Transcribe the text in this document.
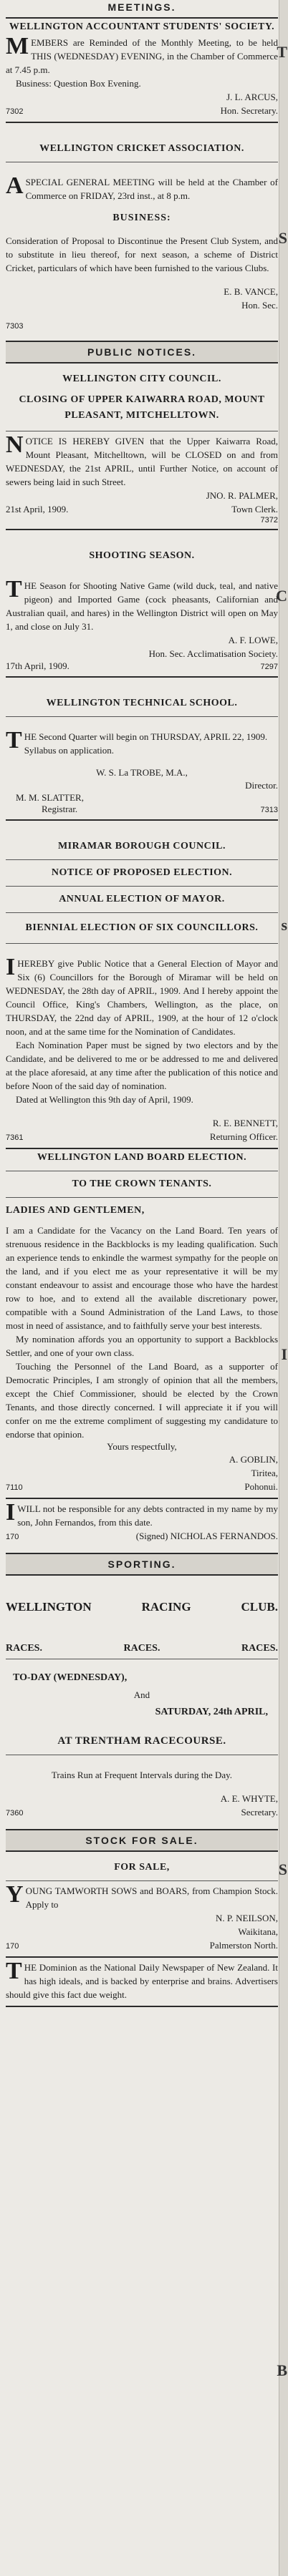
T
S
C
s
I
S
B
MEETINGS.
WELLINGTON ACCOUNTANT STUDENTS' SOCIETY.

MEMBERS are Reminded of the Monthly Meeting, to be held THIS (WEDNESDAY) EVENING, in the Chamber of Commerce at 7.45 p.m.

Business: Question Box Evening.

J. L. ARCUS,
7302	Hon. Secretary.
WELLINGTON CRICKET ASSOCIATION.

ASPECIAL GENERAL MEETING will be held at the Chamber of Commerce on FRIDAY, 23rd inst., at 8 p.m.

BUSINESS:

Consideration of Proposal to Discontinue the Present Club System, and to substitute in lieu thereof, for next season, a scheme of District Cricket, particulars of which have been furnished to the various Clubs.

E. B. VANCE,
Hon. Sec.
7303
PUBLIC NOTICES.
WELLINGTON CITY COUNCIL.
CLOSING OF UPPER KAIWARRA ROAD, MOUNT PLEASANT, MITCHELLTOWN.

NOTICE IS HEREBY GIVEN that the Upper Kaiwarra Road, Mount Pleasant, Mitchelltown, will be CLOSED on and from WEDNESDAY, the 21st APRIL, until Further Notice, on account of sewers being laid in such Street.

JNO. R. PALMER,
21st April, 1909.	Town Clerk.
7372
SHOOTING SEASON.

THE Season for Shooting Native Game (wild duck, teal, and native pigeon) and Imported Game (cock pheasants, Californian and Australian quail, and hares) in the Wellington District will open on May 1, and close on July 31.

A. F. LOWE,
Hon. Sec. Acclimatisation Society.
17th April, 1909.	7297
WELLINGTON TECHNICAL SCHOOL.

THE Second Quarter will begin on THURSDAY, APRIL 22, 1909.

Syllabus on application.

W. S. La TROBE, M.A.,
Director.
M. M. SLATTER,
Registrar.	7313
MIRAMAR BOROUGH COUNCIL.
NOTICE OF PROPOSED ELECTION.
ANNUAL ELECTION OF MAYOR.
BIENNIAL ELECTION OF SIX COUNCILLORS.

IHEREBY give Public Notice that a General Election of Mayor and Six (6) Councillors for the Borough of Miramar will be held on WEDNESDAY, the 28th day of APRIL, 1909. And I hereby appoint the Council Office, King's Chambers, Wellington, as the place, on THURSDAY, the 22nd day of APRIL, 1909, at the hour of 12 o'clock noon, and at the same time for the Nomination of Candidates.

Each Nomination Paper must be signed by two electors and by the Candidate, and be delivered to me or be addressed to me and delivered at the place aforesaid, at any time after the publication of this notice and before Noon of the said day of nomination.

Dated at Wellington this 9th day of April, 1909.

R. E. BENNETT,
7361	Returning Officer.
WELLINGTON LAND BOARD ELECTION.
TO THE CROWN TENANTS.
LADIES AND GENTLEMEN,

I am a Candidate for the Vacancy on the Land Board. Ten years of strenuous residence in the Backblocks is my leading qualification. Such an experience tends to enkindle the warmest sympathy for the people on the land, and if you elect me as your representative it will be my constant endeavour to assist and encourage those who have the hardest row to hoe, and to extend all the available discretionary power, compatible with a Sound Administration of the Land Laws, to those most in need of assistance, and to faithfully serve your best interests.

My nomination affords you an opportunity to support a Backblocks Settler, and one of your own class.

Touching the Personnel of the Land Board, as a supporter of Democratic Principles, I am strongly of opinion that all the members, except the Chief Commissioner, should be elected by the Crown Tenants, and those directly concerned. I will appreciate it if you will confer on me the extreme compliment of suggesting my candidature to endorse that opinion.

Yours respectfully,
A. GOBLIN,
Tiritea,
7110	Pohonui.

IWILL not be responsible for any debts contracted in my name by my son, John Fernandos, from this date.

170	(Signed) NICHOLAS FERNANDOS.
SPORTING.
WELLINGTON	RACING	CLUB.
RACES.	RACES.	RACES.
TO-DAY (WEDNESDAY),
And
SATURDAY, 24th APRIL,
AT TRENTHAM RACECOURSE.

Trains Run at Frequent Intervals during the Day.

A. E. WHYTE,
7360	Secretary.
STOCK FOR SALE.
FOR SALE,

YOUNG TAMWORTH SOWS and BOARS, from Champion Stock. Apply to

N. P. NEILSON,
Waikitana,
170	Palmerston North.

THE Dominion as the National Daily Newspaper of New Zealand. It has high ideals, and is backed by enterprise and brains. Advertisers should give this fact due weight.
